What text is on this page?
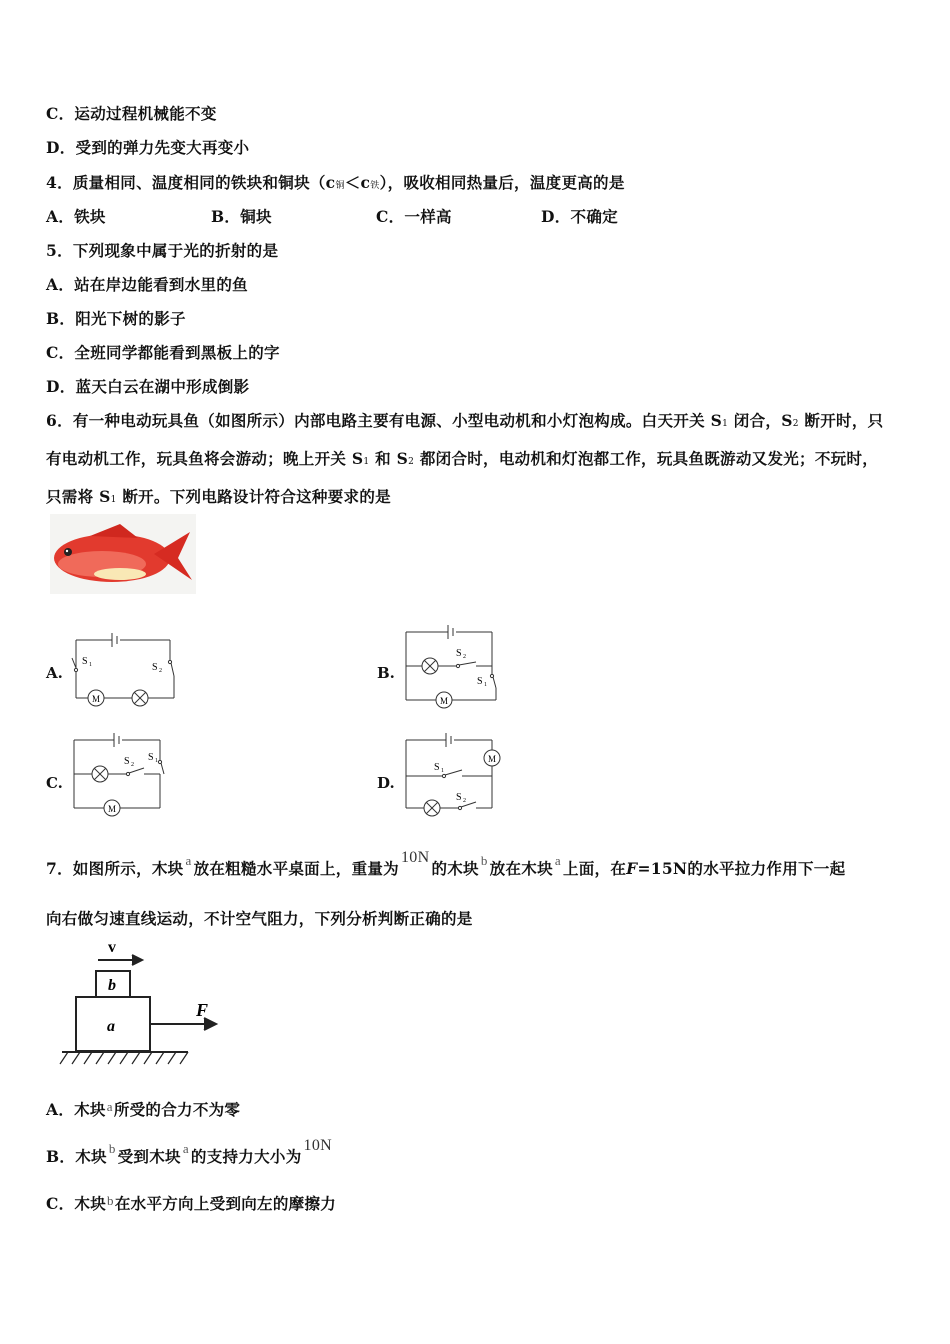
C．运动过程机械能不变
D．受到的弹力先变大再变小
4．质量相同、温度相同的铁块和铜块（c铜＜c铁），吸收相同热量后，温度更高的是
A．铁块	B．铜块	C．一样高	D．不确定
5．下列现象中属于光的折射的是
A．站在岸边能看到水里的鱼
B．阳光下树的影子
C．全班同学都能看到黑板上的字
D．蓝天白云在湖中形成倒影
6．有一种电动玩具鱼（如图所示）内部电路主要有电源、小型电动机和小灯泡构成。白天开关 S1 闭合，S2 断开时，只
有电动机工作，玩具鱼将会游动；晚上开关 S1 和 S2 都闭合时，电动机和灯泡都工作，玩具鱼既游动又发光；不玩时，
只需将 S1 断开。下列电路设计符合这种要求的是
A.
S 1	S 2
M
B.
S 2
S 1
M
C.
S 2
S 1
M
D.
S 1
S 2
M
7．如图所示，木块 $^a$ 放在粗糙水平桌面上，重量为10N的木块 $^b$ 放在木块 $^a$ 上面，在F=15N的水平拉力作用下一起
向右做匀速直线运动，不计空气阻力，下列分析判断正确的是
v
b
a
F
A．木块$^a$所受的合力不为零
B．木块 $^b$ 受到木块 $^a$ 的支持力大小为10N
C．木块$^b$在水平方向上受到向左的摩擦力
